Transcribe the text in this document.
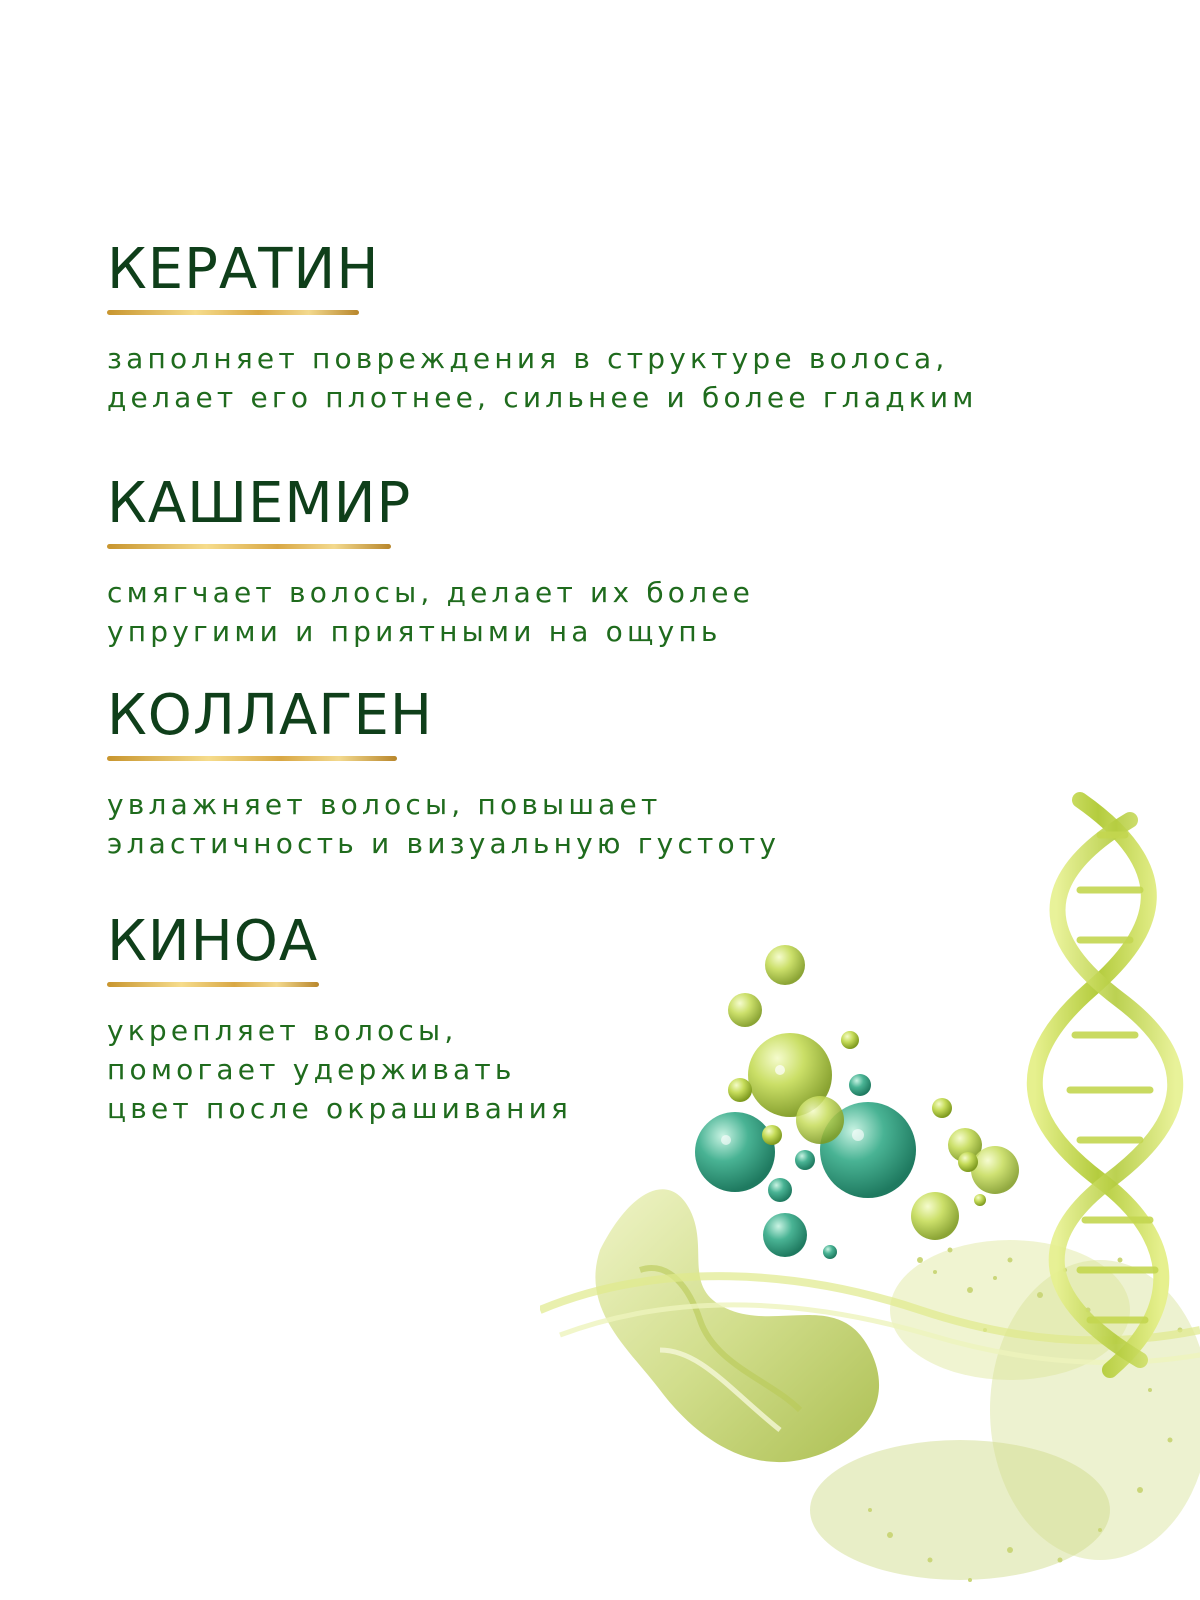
КЕРАТИН

заполняет повреждения в структуре волоса,
делает его плотнее, сильнее и более гладким

КАШЕМИР

смягчает волосы, делает их более
упругими и приятными на ощупь

КОЛЛАГЕН

увлажняет волосы, повышает
эластичность и визуальную густоту

КИНОА

укрепляет волосы,
помогает удерживать
цвет после окрашивания
